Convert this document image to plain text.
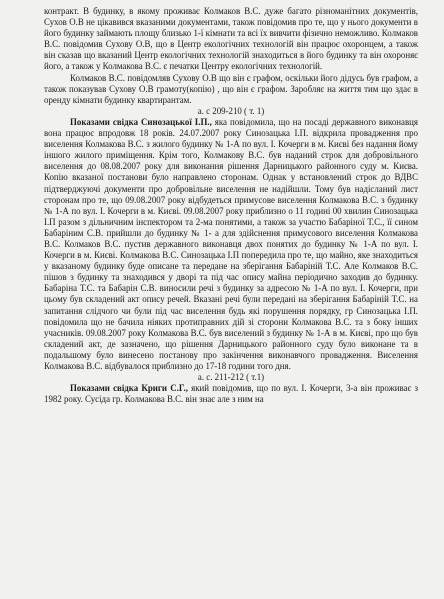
контракт. В будинку, в якому проживає Колмаков В.С. дуже багато різноманітних документів, Сухов О.В не цікавився вказаними документами, також повідомив про те, що у нього документи в його будинку займають площу близько 1-ї кімнати та всі їх вивчити фізично неможливо. Колмаков В.С. повідомив Сухову О.В, що в Центр екологічних технологій він працює охоронцем, а також він сказав що вказаний Центр екологічних технологій знаходиться в його будинку та він охороняє його, а також у Колмакова В.С. є печатки Центру екологічних технологій.

Колмаков В.С. повідомляв Сухову О.В що він є графом, оскільки його дідусь був графом, а також показував Сухову О.В грамоту(копію) , що він є графом. Заробляє на життя тим що здає в оренду кімнати будинку квартирантам.

а. с 209-210 ( т. 1)

Показами свідка Синозацької І.П., яка повідомила, що на посаді державного виконавця вона працює впродовж 18 років. 24.07.2007 року Синозацька І.П. відкрила провадження про виселення Колмакова В.С. з жилого будинку № 1-А по вул. І. Кочерги в м. Києві без надання йому іншого жилого приміщення. Крім того, Колмакову В.С. був наданий строк для добровільного виселення до 08.08.2007 року для виконання рішення Дарницького районного суду м. Києва. Копію вказаної постанови було направлено сторонам. Однак у встановлений строк до ВДВС підтверджуючі документи про добровільне виселення не надійшли. Тому був надісланий лист сторонам про те, що 09.08.2007 року відбудеться примусове виселення Колмакова В.С. з будинку № 1-А по вул. І. Кочерги в м. Києві. 09.08.2007 року приблизно о 11 годині 00 хвилин Синозацька І.П разом з дільничним інспектором та 2-ма понятими, а також за участю Бабаріної Т.С., її сином Бабаріним С.В. прийшли до будинку № 1- а для здійснення примусового виселення Колмакова В.С. Колмаков В.С. пустив державного виконавця двох понятих до будинку № 1-А по вул. І. Кочерги в м. Києві. Колмакова В.С. Синозацька І.П попередила про те, що майно, яке знаходиться у вказаному будинку буде описане та передане на зберігання Бабаріній Т.С. Але Колмаков В.С. пішов з будинку та знаходився у дворі та під час опису майна періодично заходив до будинку. Бабаріна Т.С. та Бабарін С.В. виносили речі з будинку за адресою № 1-А по вул. І. Кочерги, при цьому був складений акт опису речей. Вказані речі були передані на зберігання Бабаріній Т.С. на запитання слідчого чи були під час виселення будь які порушення порядку, гр Синозацька І.П. повідомила що не бачила ніяких протиправних дій зі сторони Колмакова В.С. та з боку інших учасників. 09.08.2007 року Колмакова В.С. був виселений з будинку № 1-А в м. Києві, про що був складений акт, де зазначено, що рішення Дарницького районного суду було виконане та в подальшому було винесено постанову про закінчення виконавчого провадження. Виселення Колмакова В.С. відбувалося приблизно до 17-18 години того дня.

а. с. 211-212 ( т.1)

Показами свідка Криги С.Г., який повідомив, що по вул. І. Кочерги, 3-а він проживає з 1982 року. Сусіда гр. Колмакова В.С. він знає але з ним на
